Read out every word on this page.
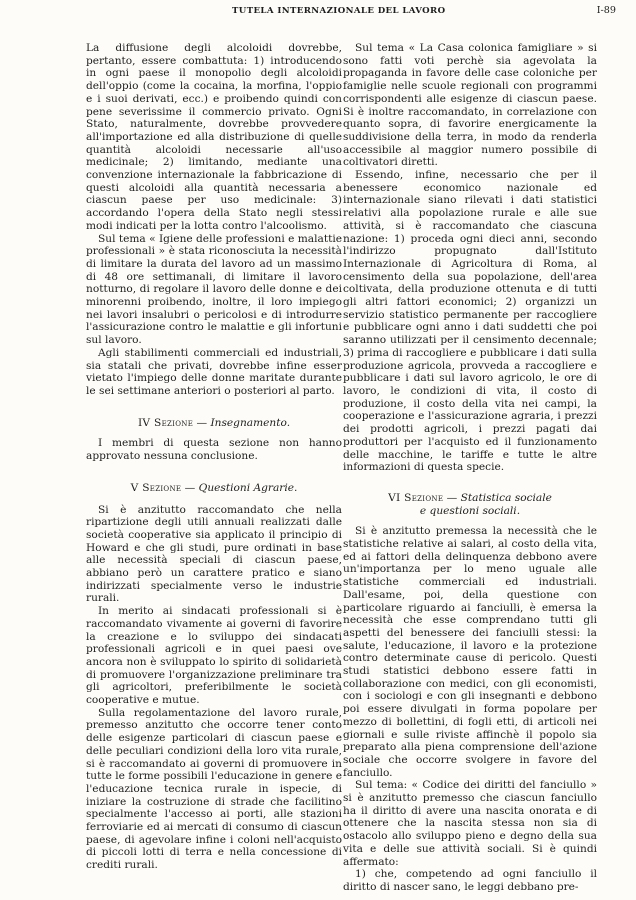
TUTELA INTERNAZIONALE DEL LAVORO	I-89

La diffusione degli alcoloidi dovrebbe, pertanto, essere combattuta: 1) introducendo in ogni paese il monopolio degli alcoloidi dell'oppio (come la cocaina, la morfina, l'oppio e i suoi derivati, ecc.) e proibendo quindi con pene severissime il commercio privato. Ogni Stato, naturalmente, dovrebbe provvedere all'importazione ed alla distribuzione di quelle quantità alcoloidi necessarie all'uso medicinale; 2) limitando, mediante una convenzione internazionale la fabbricazione di questi alcoloidi alla quantità necessaria a ciascun paese per uso medicinale: 3) accordando l'opera della Stato negli stessi modi indicati per la lotta contro l'alcoolismo.

Sul tema « Igiene delle professioni e malattie professionali » è stata riconosciuta la necessità di limitare la durata del lavoro ad un massimo di 48 ore settimanali, di limitare il lavoro notturno, di regolare il lavoro delle donne e dei minorenni proibendo, inoltre, il loro impiego nei lavori insalubri o pericolosi e di introdurre l'assicurazione contro le malattie e gli infortuni sul lavoro.

Agli stabilimenti commerciali ed industriali, sia statali che privati, dovrebbe infine esser vietato l'impiego delle donne maritate durante le sei settimane anteriori o posteriori al parto.

IV Sezione — Insegnamento.

I membri di questa sezione non hanno approvato nessuna conclusione.

V Sezione — Questioni Agrarie.

Si è anzitutto raccomandato che nella ripartizione degli utili annuali realizzati dalle società cooperative sia applicato il principio di Howard e che gli studi, pure ordinati in base alle necessità speciali di ciascun paese, abbiano però un carattere pratico e siano indirizzati specialmente verso le industrie rurali.

In merito ai sindacati professionali si è raccomandato vivamente ai governi di favorire la creazione e lo sviluppo dei sindacati professionali agricoli e in quei paesi ove ancora non è sviluppato lo spirito di solidarietà di promuovere l'organizzazione preliminare tra gli agricoltori, preferibilmente le società cooperative e mutue.

Sulla regolamentazione del lavoro rurale, premesso anzitutto che occorre tener conto delle esigenze particolari di ciascun paese e delle peculiari condizioni della loro vita rurale, si è raccomandato ai governi di promuovere in tutte le forme possibili l'educazione in genere e l'educazione tecnica rurale in ispecie, di iniziare la costruzione di strade che facilitino specialmente l'accesso ai porti, alle stazioni ferroviarie ed ai mercati di consumo di ciascun paese, di agevolare infine i coloni nell'acquisto di piccoli lotti di terra e nella concessione di crediti rurali.

Sul tema « La Casa colonica famigliare » si sono fatti voti perchè sia agevolata la propaganda in favore delle case coloniche per famiglie nelle scuole regionali con programmi corrispondenti alle esigenze di ciascun paese. Si è inoltre raccomandato, in correlazione con quanto sopra, di favorire energicamente la suddivisione della terra, in modo da renderla accessibile al maggior numero possibile di coltivatori diretti.

Essendo, infine, necessario che per il benessere economico nazionale ed internazionale siano rilevati i dati statistici relativi alla popolazione rurale e alle sue attività, si è raccomandato che ciascuna nazione: 1) proceda ogni dieci anni, secondo l'indirizzo propugnato dall'Istituto Internazionale di Agricoltura di Roma, al censimento della sua popolazione, dell'area coltivata, della produzione ottenuta e di tutti gli altri fattori economici; 2) organizzi un servizio statistico permanente per raccogliere e pubblicare ogni anno i dati suddetti che poi saranno utilizzati per il censimento decennale; 3) prima di raccogliere e pubblicare i dati sulla produzione agricola, provveda a raccogliere e pubblicare i dati sul lavoro agricolo, le ore di lavoro, le condizioni di vita, il costo di produzione, il costo della vita nei campi, la cooperazione e l'assicurazione agraria, i prezzi dei prodotti agricoli, i prezzi pagati dai produttori per l'acquisto ed il funzionamento delle macchine, le tariffe e tutte le altre informazioni di questa specie.

VI Sezione — Statistica sociale
e questioni sociali.

Si è anzitutto premessa la necessità che le statistiche relative ai salari, al costo della vita, ed ai fattori della delinquenza debbono avere un'importanza per lo meno uguale alle statistiche commerciali ed industriali. Dall'esame, poi, della questione con particolare riguardo ai fanciulli, è emersa la necessità che esse comprendano tutti gli aspetti del benessere dei fanciulli stessi: la salute, l'educazione, il lavoro e la protezione contro determinate cause di pericolo. Questi studi statistici debbono essere fatti in collaborazione con medici, con gli economisti, con i sociologi e con gli insegnanti e debbono poi essere divulgati in forma popolare per mezzo di bollettini, di fogli etti, di articoli nei giornali e sulle riviste affinchè il popolo sia preparato alla piena comprensione dell'azione sociale che occorre svolgere in favore del fanciullo.

Sul tema: « Codice dei diritti del fanciullo » si è anzitutto premesso che ciascun fanciullo ha il diritto di avere una nascita onorata e di ottenere che la nascita stessa non sia di ostacolo allo sviluppo pieno e degno della sua vita e delle sue attività sociali. Si è quindi affermato:

1) che, competendo ad ogni fanciullo il diritto di nascer sano, le leggi debbano pre-
